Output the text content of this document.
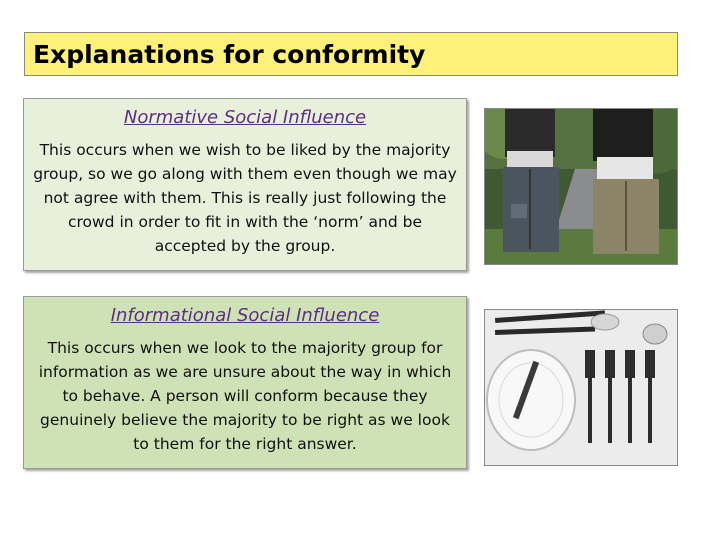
Explanations for conformity
Normative Social Influence
This occurs when we wish to be liked by the majority group, so we go along with them even though we may not agree with them. This is really just following the crowd in order to fit in with the ‘norm’ and be accepted by the group.
Informational Social Influence
This occurs when we look to the majority group for information as we are unsure about the way in which to behave. A person will conform because they genuinely believe the majority to be right as we look to them for the right answer.
